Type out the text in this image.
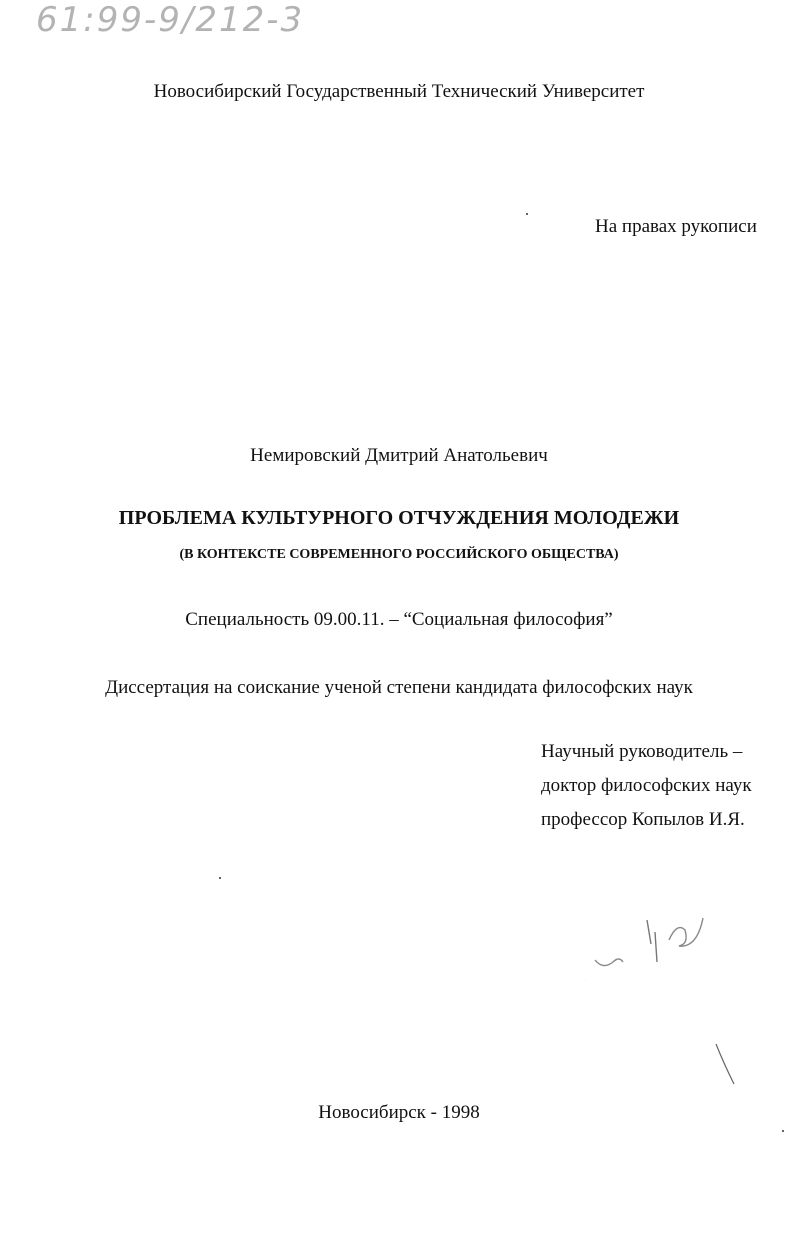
61:99-9/212-3
Новосибирский Государственный Технический Университет
На правах рукописи
Немировский Дмитрий Анатольевич
ПРОБЛЕМА КУЛЬТУРНОГО ОТЧУЖДЕНИЯ МОЛОДЕЖИ
(В КОНТЕКСТЕ СОВРЕМЕННОГО РОССИЙСКОГО ОБЩЕСТВА)
Специальность 09.00.11. – “Социальная философия”
Диссертация на соискание ученой степени кандидата философских наук
Научный руководитель –
доктор философских наук
профессор Копылов И.Я.
Новосибирск - 1998
